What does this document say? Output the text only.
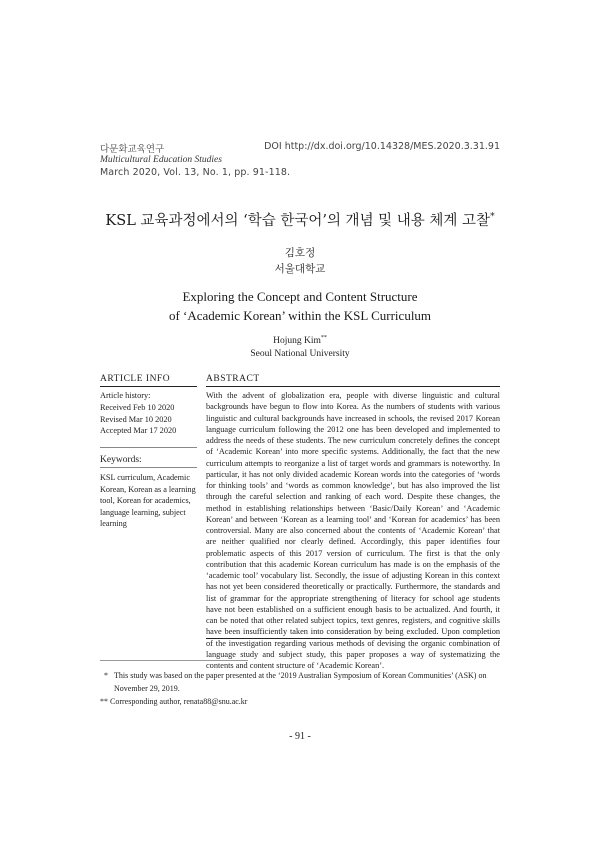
다문화교육연구
Multicultural Education Studies
March 2020, Vol. 13, No. 1, pp. 91-118.
DOI http://dx.doi.org/10.14328/MES.2020.3.31.91
KSL 교육과정에서의 ‘학습 한국어’의 개념 및 내용 체계 고찰*
김호정
서울대학교
Exploring the Concept and Content Structure
of ‘Academic Korean’ within the KSL Curriculum
Hojung Kim**
Seoul National University
ARTICLE INFO
Article history:
Received Feb 10 2020
Revised Mar 10 2020
Accepted Mar 17 2020
Keywords:
KSL curriculum, Academic Korean, Korean as a learning tool, Korean for academics, language learning, subject learning
ABSTRACT
With the advent of globalization era, people with diverse linguistic and cultural backgrounds have begun to flow into Korea. As the numbers of students with various linguistic and cultural backgrounds have increased in schools, the revised 2017 Korean language curriculum following the 2012 one has been developed and implemented to address the needs of these students. The new curriculum concretely defines the concept of ‘Academic Korean’ into more specific systems. Additionally, the fact that the new curriculum attempts to reorganize a list of target words and grammars is noteworthy. In particular, it has not only divided academic Korean words into the categories of ‘words for thinking tools’ and ‘words as common knowledge’, but has also improved the list through the careful selection and ranking of each word. Despite these changes, the method in establishing relationships between ‘Basic/Daily Korean’ and ‘Academic Korean’ and between ‘Korean as a learning tool’ and ‘Korean for academics’ has been controversial. Many are also concerned about the contents of ‘Academic Korean’ that are neither qualified nor clearly defined. Accordingly, this paper identifies four problematic aspects of this 2017 version of curriculum. The first is that the only contribution that this academic Korean curriculum has made is on the emphasis of the ‘academic tool’ vocabulary list. Secondly, the issue of adjusting Korean in this context has not yet been considered theoretically or practically. Furthermore, the standards and list of grammar for the appropriate strengthening of literacy for school age students have not been established on a sufficient enough basis to be actualized. And fourth, it can be noted that other related subject topics, text genres, registers, and cognitive skills have been insufficiently taken into consideration by being excluded. Upon completion of the investigation regarding various methods of devising the organic combination of language study and subject study, this paper proposes a way of systematizing the contents and content structure of ‘Academic Korean’.
* This study was based on the paper presented at the ‘2019 Australian Symposium of Korean Communities’ (ASK) on November 29, 2019.
** Corresponding author, renata88@snu.ac.kr
- 91 -
